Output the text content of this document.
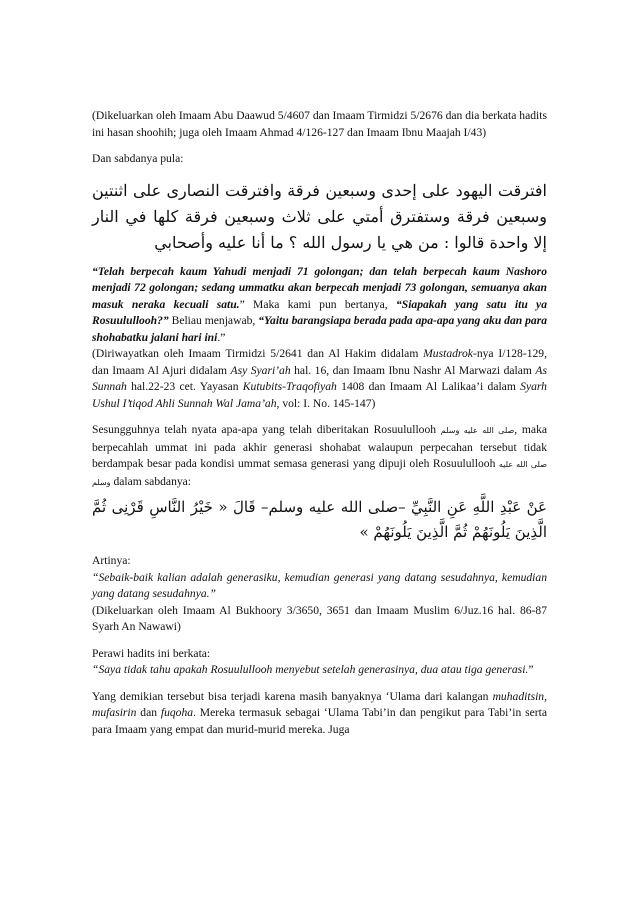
(Dikeluarkan oleh Imaam Abu Daawud 5/4607 dan Imaam Tirmidzi 5/2676 dan dia berkata hadits ini hasan shoohih; juga oleh Imaam Ahmad 4/126-127 dan Imaam Ibnu Maajah I/43)

Dan sabdanya pula:

افترقت اليهود على إحدى وسبعين فرقة وافترقت النصارى على اثنتين وسبعين فرقة وستفترق أمتي على ثلاث وسبعين فرقة كلها في النار إلا واحدة قالوا : من هي يا رسول الله ؟ ما أنا عليه وأصحابي

“Telah berpecah kaum Yahudi menjadi 71 golongan; dan telah berpecah kaum Nashoro menjadi 72 golongan; sedang ummatku akan berpecah menjadi 73 golongan, semuanya akan masuk neraka kecuali satu.” Maka kami pun bertanya, “Siapakah yang satu itu ya Rosuulullooh?” Beliau menjawab, “Yaitu barangsiapa berada pada apa-apa yang aku dan para shohabatku jalani hari ini.”
(Diriwayatkan oleh Imaam Tirmidzi 5/2641 dan Al Hakim didalam Mustadrok-nya I/128-129, dan Imaam Al Ajuri didalam Asy Syari’ah hal. 16, dan Imaam Ibnu Nashr Al Marwazi dalam As Sunnah hal.22-23 cet. Yayasan Kutubits-Traqofiyah 1408 dan Imaam Al Lalikaa’i dalam Syarh Ushul I’tiqod Ahli Sunnah Wal Jama’ah, vol: I. No. 145-147)

Sesungguhnya telah nyata apa-apa yang telah diberitakan Rosuulullooh صلى الله عليه وسلم, maka berpecahlah ummat ini pada akhir generasi shohabat walaupun perpecahan tersebut tidak berdampak besar pada kondisi ummat semasa generasi yang dipuji oleh Rosuulullooh صلى الله عليه وسلم dalam sabdanya:

عَنْ عَبْدِ اللَّهِ عَنِ النَّبِيِّ –صلى الله عليه وسلم– قَالَ « خَيْرُ النَّاسِ قَرْنِى ثُمَّ الَّذِينَ يَلُونَهُمْ ثُمَّ الَّذِينَ يَلُونَهُمْ »

Artinya:
“Sebaik-baik kalian adalah generasiku, kemudian generasi yang datang sesudahnya, kemudian yang datang sesudahnya.”
(Dikeluarkan oleh Imaam Al Bukhoory 3/3650, 3651 dan Imaam Muslim 6/Juz.16 hal. 86-87 Syarh An Nawawi)

Perawi hadits ini berkata:
“Saya tidak tahu apakah Rosuulullooh menyebut setelah generasinya, dua atau tiga generasi.”

Yang demikian tersebut bisa terjadi karena masih banyaknya ‘Ulama dari kalangan muhaditsin, mufasirin dan fuqoha. Mereka termasuk sebagai ‘Ulama Tabi’in dan pengikut para Tabi’in serta para Imaam yang empat dan murid-murid mereka. Juga
